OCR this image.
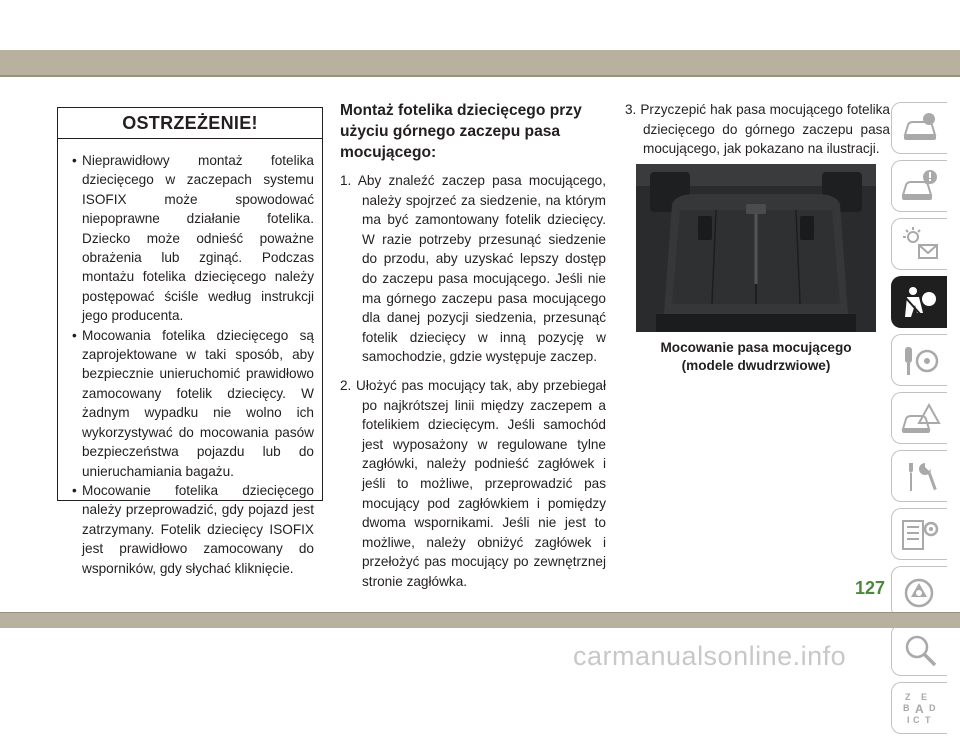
OSTRZEŻENIE!
• Nieprawidłowy montaż fotelika dziecięcego w zaczepach systemu ISOFIX może spowodować niepoprawne działanie fotelika. Dziecko może odnieść poważne obrażenia lub zginąć. Podczas montażu fotelika dziecięcego należy postępować ściśle według instrukcji jego producenta.
• Mocowania fotelika dziecięcego są zaprojektowane w taki sposób, aby bezpiecznie unieruchomić prawidłowo zamocowany fotelik dziecięcy. W żadnym wypadku nie wolno ich wykorzystywać do mocowania pasów bezpieczeństwa pojazdu lub do unieruchamiania bagażu.
• Mocowanie fotelika dziecięcego należy przeprowadzić, gdy pojazd jest zatrzymany. Fotelik dziecięcy ISOFIX jest prawidłowo zamocowany do wsporników, gdy słychać kliknięcie.
Montaż fotelika dziecięcego przy użyciu górnego zaczepu pasa mocującego:
1. Aby znaleźć zaczep pasa mocującego, należy spojrzeć za siedzenie, na którym ma być zamontowany fotelik dziecięcy. W razie potrzeby przesunąć siedzenie do przodu, aby uzyskać lepszy dostęp do zaczepu pasa mocującego. Jeśli nie ma górnego zaczepu pasa mocującego dla danej pozycji siedzenia, przesunąć fotelik dziecięcy w inną pozycję w samochodzie, gdzie występuje zaczep.
2. Ułożyć pas mocujący tak, aby przebiegał po najkrótszej linii między zaczepem a fotelikiem dziecięcym. Jeśli samochód jest wyposażony w regulowane tylne zagłówki, należy podnieść zagłówek i jeśli to możliwe, przeprowadzić pas mocujący pod zagłówkiem i pomiędzy dwoma wspornikami. Jeśli nie jest to możliwe, należy obniżyć zagłówek i przełożyć pas mocujący po zewnętrznej stronie zagłówka.

3. Przyczepić hak pasa mocującego fotelika dziecięcego do górnego zaczepu pasa mocującego, jak pokazano na ilustracji.

Mocowanie pasa mocującego
(modele dwudrzwiowe)
Z E
B A D
I C T
127
carmanualsonline.info
